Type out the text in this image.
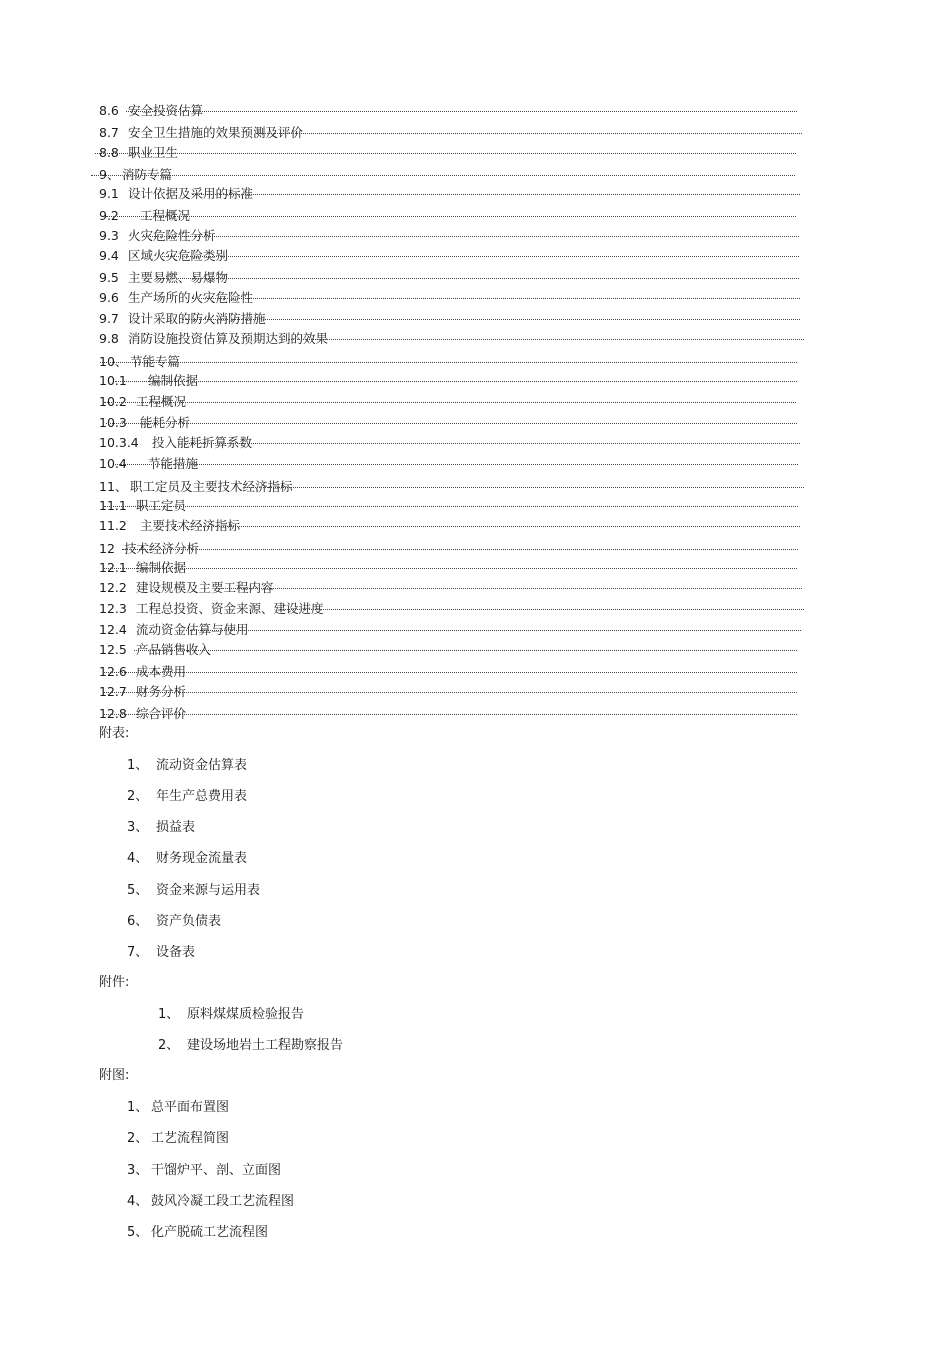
8.6 安全投资估算
8.7 安全卫生措施的效果预测及评价
8.8 职业卫生
9、 消防专篇
9.1 设计依据及采用的标准
9.2 工程概况
9.3 火灾危险性分析
9.4 区域火灾危险类别
9.5 主要易燃、易爆物
9.6 生产场所的火灾危险性
9.7 设计采取的防火消防措施
9.8 消防设施投资估算及预期达到的效果
10、 节能专篇
10.1 编制依据
10.2 工程概况
10.3 能耗分析
10.3.4 投入能耗折算系数
10.4 节能措施
11、 职工定员及主要技术经济指标
11.1 职工定员
11.2 主要技术经济指标
12 技术经济分析
12.1 编制依据
12.2 建设规模及主要工程内容
12.3 工程总投资、资金来源、建设进度
12.4 流动资金估算与使用
12.5 产品销售收入
12.6 成本费用
12.7 财务分析
12.8 综合评价
附表:
1、 流动资金估算表
2、 年生产总费用表
3、 损益表
4、 财务现金流量表
5、 资金来源与运用表
6、 资产负债表
7、 设备表
附件:
1、 原料煤煤质检验报告
2、 建设场地岩土工程勘察报告
附图:
1、 总平面布置图
2、 工艺流程简图
3、 干馏炉平、剖、立面图
4、 鼓风冷凝工段工艺流程图
5、 化产脱硫工艺流程图
